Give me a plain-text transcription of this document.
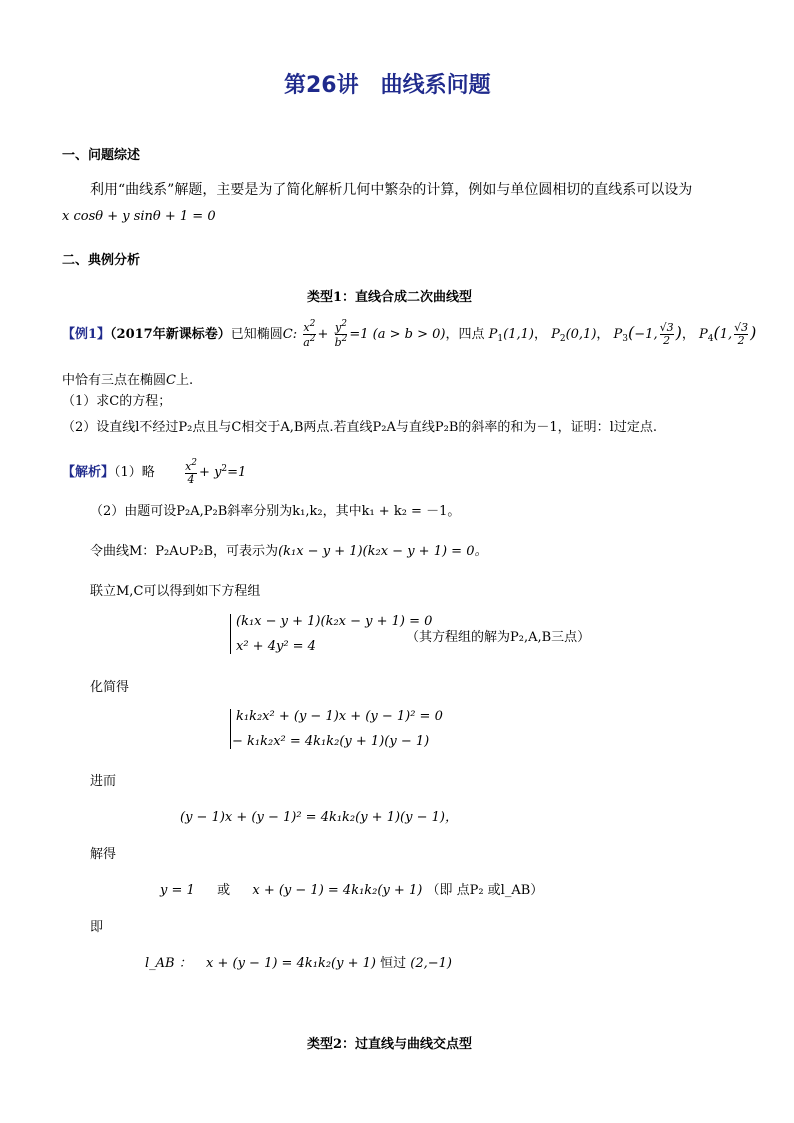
第26讲　曲线系问题
一、问题综述
利用“曲线系”解题，主要是为了简化解析几何中繁杂的计算，例如与单位圆相切的直线系可以设为
x cosθ + y sinθ + 1 = 0
二、典例分析
类型1：直线合成二次曲线型
【例1】（2017年新课标卷）已知椭圆C: $\frac{x^2}{a^2} + \frac{y^2}{b^2} =1$ (a > b > 0)，四点 $P_1(1,1)$， $P_2(0,1)$， $P_3(-1$, $\frac{√3}{2}$ )， $P_4(1$, $\frac{√3}{2}$ )
中恰有三点在椭圆C上.
（1）求C的方程；
（2）设直线l不经过P₂点且与C相交于A,B两点.若直线P₂A与直线P₂B的斜率的和为－1，证明：l过定点.
【解析】（1）略	$\frac{x^2}{4} + y^2=1$
（2）由题可设P₂A,P₂B斜率分别为k₁,k₂，其中k₁ + k₂ = －1。
令曲线M：P₂A∪P₂B，可表示为(k₁x − y + 1)(k₂x − y + 1) = 0。
联立M,C可以得到如下方程组
(k₁x − y + 1)(k₂x − y + 1) = 0
x² + 4y² = 4
（其方程组的解为P₂,A,B三点）
化简得
k₁k₂x² + (y − 1)x + (y − 1)² = 0
− k₁k₂x² = 4k₁k₂(y + 1)(y − 1)
进而
(y − 1)x + (y − 1)² = 4k₁k₂(y + 1)(y − 1)，
解得
y = 1 或 x + (y − 1) = 4k₁k₂(y + 1) （即 点P₂ 或l_AB）
即
l_AB ： x + (y − 1) = 4k₁k₂(y + 1) 恒过 (2,−1)
类型2：过直线与曲线交点型
